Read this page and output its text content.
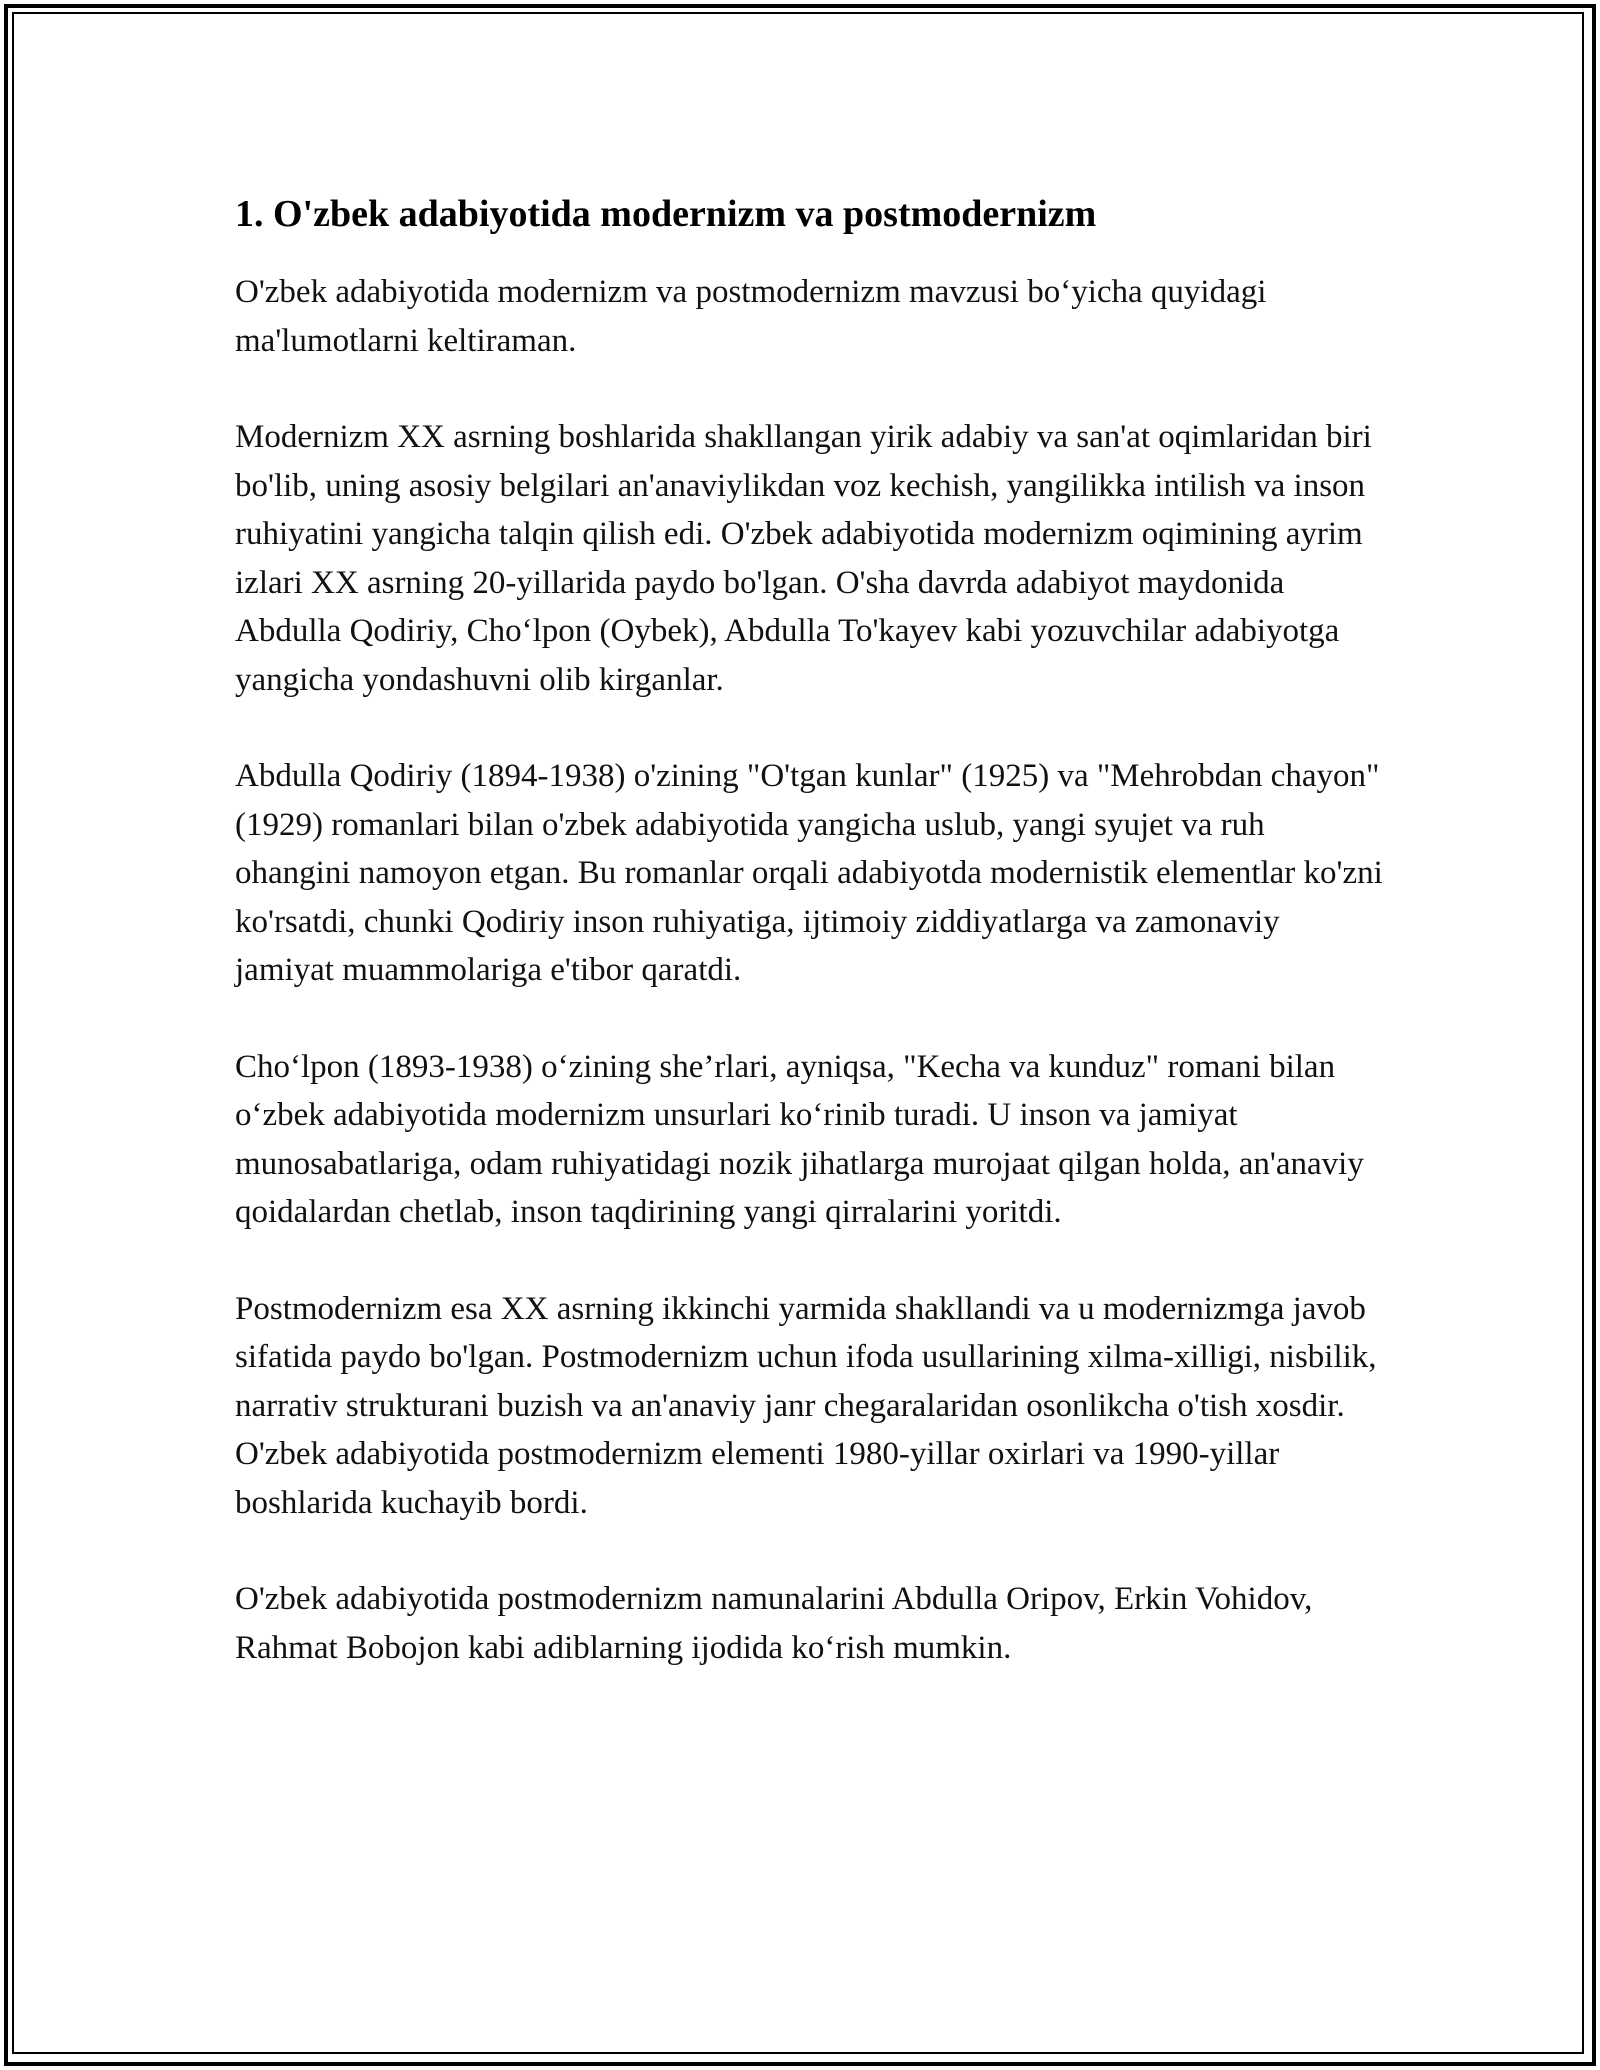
1. O'zbek adabiyotida modernizm va postmodernizm

O'zbek adabiyotida modernizm va postmodernizm mavzusi bo‘yicha quyidagi ma'lumotlarni keltiraman.

Modernizm XX asrning boshlarida shakllangan yirik adabiy va san'at oqimlaridan biri bo'lib, uning asosiy belgilari an'anaviylikdan voz kechish, yangilikka intilish va inson ruhiyatini yangicha talqin qilish edi. O'zbek adabiyotida modernizm oqimining ayrim izlari XX asrning 20-yillarida paydo bo'lgan. O'sha davrda adabiyot maydonida Abdulla Qodiriy, Cho‘lpon (Oybek), Abdulla To'kayev kabi yozuvchilar adabiyotga yangicha yondashuvni olib kirganlar.

Abdulla Qodiriy (1894-1938) o'zining "O'tgan kunlar" (1925) va "Mehrobdan chayon" (1929) romanlari bilan o'zbek adabiyotida yangicha uslub, yangi syujet va ruh ohangini namoyon etgan. Bu romanlar orqali adabiyotda modernistik elementlar ko'zni ko'rsatdi, chunki Qodiriy inson ruhiyatiga, ijtimoiy ziddiyatlarga va zamonaviy jamiyat muammolariga e'tibor qaratdi.

Cho‘lpon (1893-1938) o‘zining she’rlari, ayniqsa, "Kecha va kunduz" romani bilan o‘zbek adabiyotida modernizm unsurlari ko‘rinib turadi. U inson va jamiyat munosabatlariga, odam ruhiyatidagi nozik jihatlarga murojaat qilgan holda, an'anaviy qoidalardan chetlab, inson taqdirining yangi qirralarini yoritdi.

Postmodernizm esa XX asrning ikkinchi yarmida shakllandi va u modernizmga javob sifatida paydo bo'lgan. Postmodernizm uchun ifoda usullarining xilma-xilligi, nisbilik, narrativ strukturani buzish va an'anaviy janr chegaralaridan osonlikcha o'tish xosdir. O'zbek adabiyotida postmodernizm elementi 1980-yillar oxirlari va 1990-yillar boshlarida kuchayib bordi.

O'zbek adabiyotida postmodernizm namunalarini Abdulla Oripov, Erkin Vohidov, Rahmat Bobojon kabi adiblarning ijodida ko‘rish mumkin.
